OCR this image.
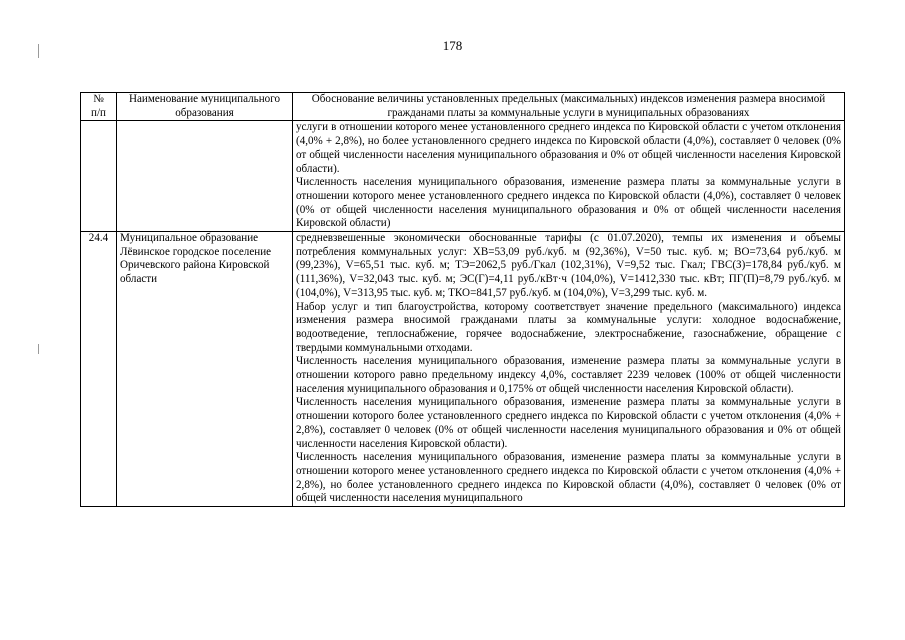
178
№
п/п	Наименование муниципального образования	Обоснование величины установленных предельных (максимальных) индексов изменения размера вносимой гражданами платы за коммунальные услуги в муниципальных образованиях

		услуги в отношении которого менее установленного среднего индекса по Кировской области с учетом отклонения (4,0% + 2,8%), но более установленного среднего индекса по Кировской области (4,0%), составляет 0 человек (0% от общей численности населения муниципального образования и 0% от общей численности населения Кировской области).

Численность населения муниципального образования, изменение размера платы за коммунальные услуги в отношении которого менее установленного среднего индекса по Кировской области (4,0%), составляет 0 человек (0% от общей численности населения муниципального образования и 0% от общей численности населения Кировской области)

24.4	Муниципальное образование Лёвинское городское поселение Оричевского района Кировской области	средневзвешенные экономически обоснованные тарифы (с 01.07.2020), темпы их изменения и объемы потребления коммунальных услуг: ХВ=53,09 руб./куб. м (92,36%), V=50 тыс. куб. м; ВО=73,64 руб./куб. м (99,23%), V=65,51 тыс. куб. м; ТЭ=2062,5 руб./Гкал (102,31%), V=9,52 тыс. Гкал; ГВС(З)=178,84 руб./куб. м (111,36%), V=32,043 тыс. куб. м; ЭС(Г)=4,11 руб./кВт·ч (104,0%), V=1412,330 тыс. кВт; ПГ(П)=8,79 руб./куб. м (104,0%), V=313,95 тыс. куб. м; ТКО=841,57 руб./куб. м (104,0%), V=3,299 тыс. куб. м.

Набор услуг и тип благоустройства, которому соответствует значение предельного (максимального) индекса изменения размера вносимой гражданами платы за коммунальные услуги: холодное водоснабжение, водоотведение, теплоснабжение, горячее водоснабжение, электроснабжение, газоснабжение, обращение с твердыми коммунальными отходами.

Численность населения муниципального образования, изменение размера платы за коммунальные услуги в отношении которого равно предельному индексу 4,0%, составляет 2239 человек (100% от общей численности населения муниципального образования и 0,175% от общей численности населения Кировской области).

Численность населения муниципального образования, изменение размера платы за коммунальные услуги в отношении которого более установленного среднего индекса по Кировской области с учетом отклонения (4,0% + 2,8%), составляет 0 человек (0% от общей численности населения муниципального образования и 0% от общей численности населения Кировской области).

Численность населения муниципального образования, изменение размера платы за коммунальные услуги в отношении которого менее установленного среднего индекса по Кировской области с учетом отклонения (4,0% + 2,8%), но более установленного среднего индекса по Кировской области (4,0%), составляет 0 человек (0% от общей численности населения муниципального
